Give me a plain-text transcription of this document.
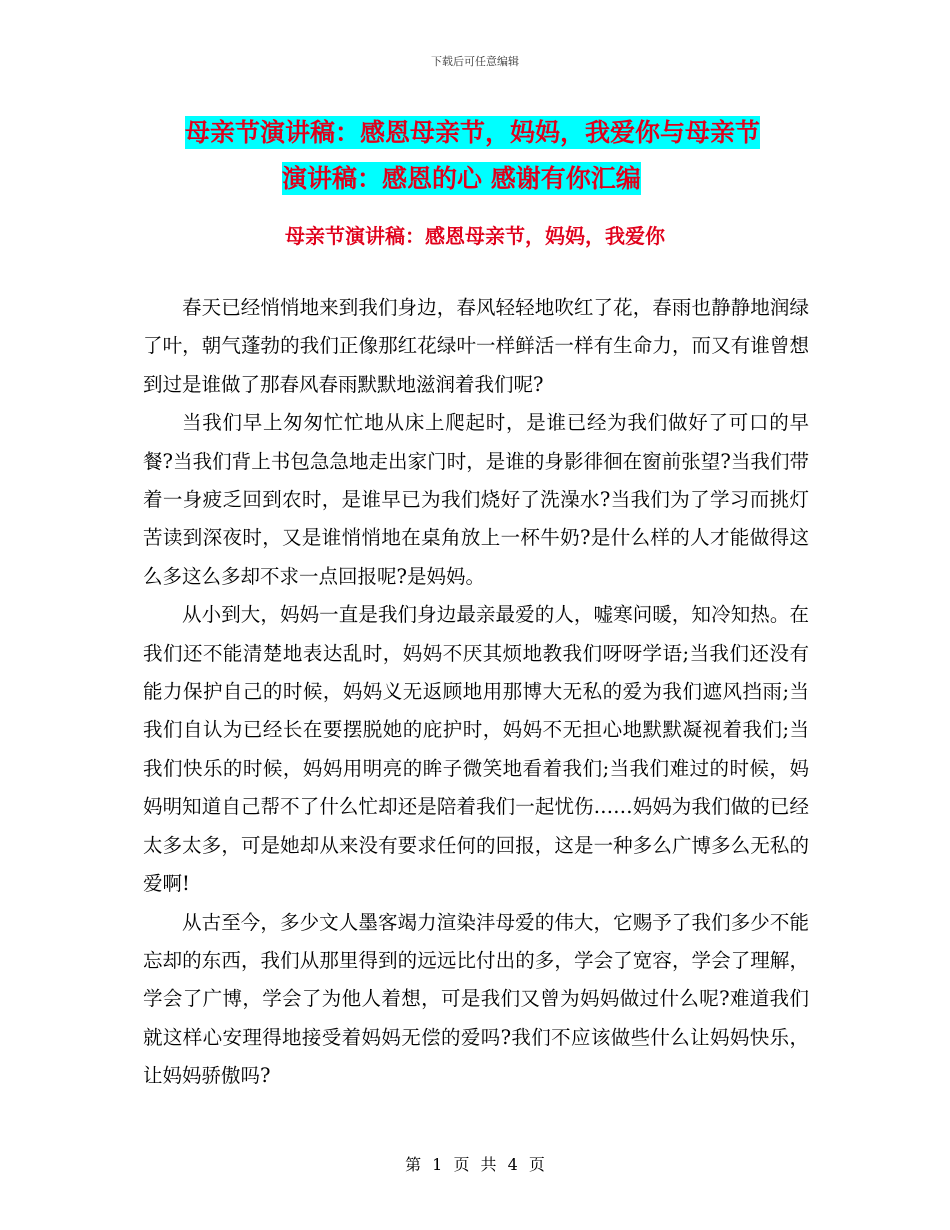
下载后可任意编辑
母亲节演讲稿：感恩母亲节，妈妈，我爱你与母亲节
演讲稿：感恩的心 感谢有你汇编
母亲节演讲稿：感恩母亲节，妈妈，我爱你

春天已经悄悄地来到我们身边，春风轻轻地吹红了花，春雨也静静地润绿了叶，朝气蓬勃的我们正像那红花绿叶一样鲜活一样有生命力，而又有谁曾想到过是谁做了那春风春雨默默地滋润着我们呢?

当我们早上匆匆忙忙地从床上爬起时，是谁已经为我们做好了可口的早餐?当我们背上书包急急地走出家门时，是谁的身影徘徊在窗前张望?当我们带着一身疲乏回到农时，是谁早已为我们烧好了洗澡水?当我们为了学习而挑灯苦读到深夜时，又是谁悄悄地在桌角放上一杯牛奶?是什么样的人才能做得这么多这么多却不求一点回报呢?是妈妈。

从小到大，妈妈一直是我们身边最亲最爱的人，嘘寒问暖，知冷知热。在我们还不能清楚地表达乱时，妈妈不厌其烦地教我们呀呀学语;当我们还没有能力保护自己的时候，妈妈义无返顾地用那博大无私的爱为我们遮风挡雨;当我们自认为已经长在要摆脱她的庇护时，妈妈不无担心地默默凝视着我们;当我们快乐的时候，妈妈用明亮的眸子微笑地看着我们;当我们难过的时候，妈妈明知道自己帮不了什么忙却还是陪着我们一起忧伤……妈妈为我们做的已经太多太多，可是她却从来没有要求任何的回报，这是一种多么广博多么无私的爱啊!

从古至今，多少文人墨客竭力渲染沣母爱的伟大，它赐予了我们多少不能忘却的东西，我们从那里得到的远远比付出的多，学会了宽容，学会了理解，学会了广博，学会了为他人着想，可是我们又曾为妈妈做过什么呢?难道我们就这样心安理得地接受着妈妈无偿的爱吗?我们不应该做些什么让妈妈快乐，让妈妈骄傲吗?

第 1 页 共 4 页
